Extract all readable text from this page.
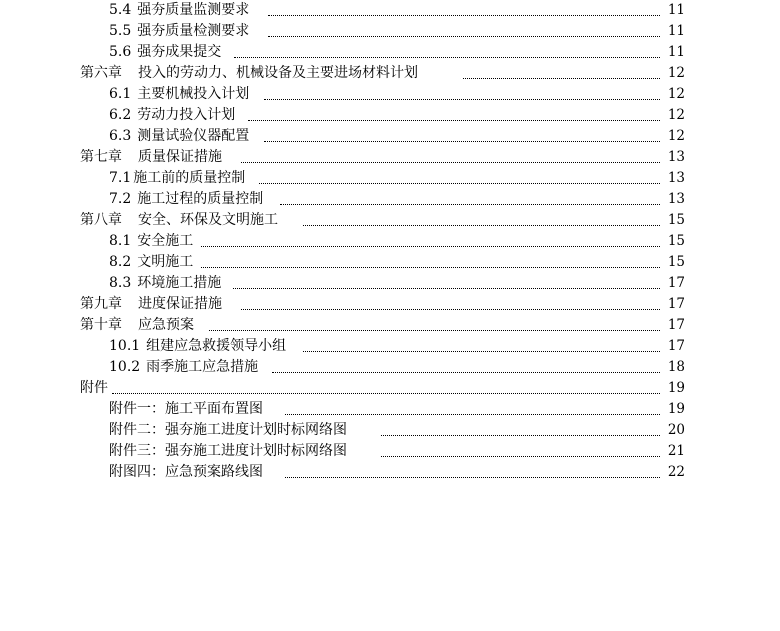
5.4 强夯质量监测要求	11
5.5 强夯质量检测要求	11
5.6 强夯成果提交	11
第六章 投入的劳动力、机械设备及主要进场材料计划	12
6.1 主要机械投入计划	12
6.2 劳动力投入计划	12
6.3 测量试验仪器配置	12
第七章 质量保证措施	13
7.1 施工前的质量控制	13
7.2 施工过程的质量控制	13
第八章 安全、环保及文明施工	15
8.1 安全施工	15
8.2 文明施工	15
8.3 环境施工措施	17
第九章 进度保证措施	17
第十章 应急预案	17
10.1 组建应急救援领导小组	17
10.2 雨季施工应急措施	18
附件	19
附件一：施工平面布置图	19
附件二：强夯施工进度计划时标网络图	20
附件三：强夯施工进度计划时标网络图	21
附图四：应急预案路线图	22
